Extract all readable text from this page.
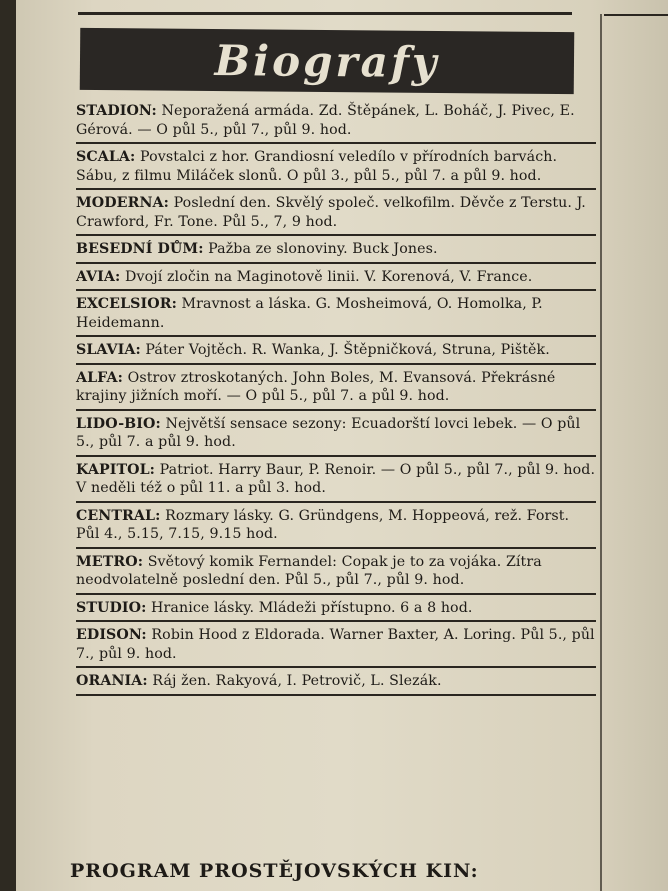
Biografy
STADION: Neporažená armáda. Zd. Štěpánek, L. Boháč, J. Pivec, E. Gérová. — O půl 5., půl 7., půl 9. hod.
SCALA: Povstalci z hor. Grandiosní veledílo v přírodních barvách. Sábu, z filmu Miláček slonů. O půl 3., půl 5., půl 7. a půl 9. hod.
MODERNA: Poslední den. Skvělý společ. velkofilm. Děvče z Terstu. J. Crawford, Fr. Tone. Půl 5., 7, 9 hod.
BESEDNÍ DŮM: Pažba ze slonoviny. Buck Jones.
AVIA: Dvojí zločin na Maginotově linii. V. Korenová, V. France.
EXCELSIOR: Mravnost a láska. G. Mosheimová, O. Homolka, P. Heidemann.
SLAVIA: Páter Vojtěch. R. Wanka, J. Štěpničková, Struna, Pištěk.
ALFA: Ostrov ztroskotaných. John Boles, M. Evansová. Překrásné krajiny jižních moří. — O půl 5., půl 7. a půl 9. hod.
LIDO-BIO: Největší sensace sezony: Ecuadorští lovci lebek. — O půl 5., půl 7. a půl 9. hod.
KAPITOL: Patriot. Harry Baur, P. Renoir. — O půl 5., půl 7., půl 9. hod. V neděli též o půl 11. a půl 3. hod.
CENTRAL: Rozmary lásky. G. Gründgens, M. Hoppeová, rež. Forst. Půl 4., 5.15, 7.15, 9.15 hod.
METRO: Světový komik Fernandel: Copak je to za vojáka. Zítra neodvolatelně poslední den. Půl 5., půl 7., půl 9. hod.
STUDIO: Hranice lásky. Mládeži přístupno. 6 a 8 hod.
EDISON: Robin Hood z Eldorada. Warner Baxter, A. Loring. Půl 5., půl 7., půl 9. hod.
ORANIA: Ráj žen. Rakyová, I. Petrovič, L. Slezák.
PROGRAM PROSTĚJOVSKÝCH KIN:
